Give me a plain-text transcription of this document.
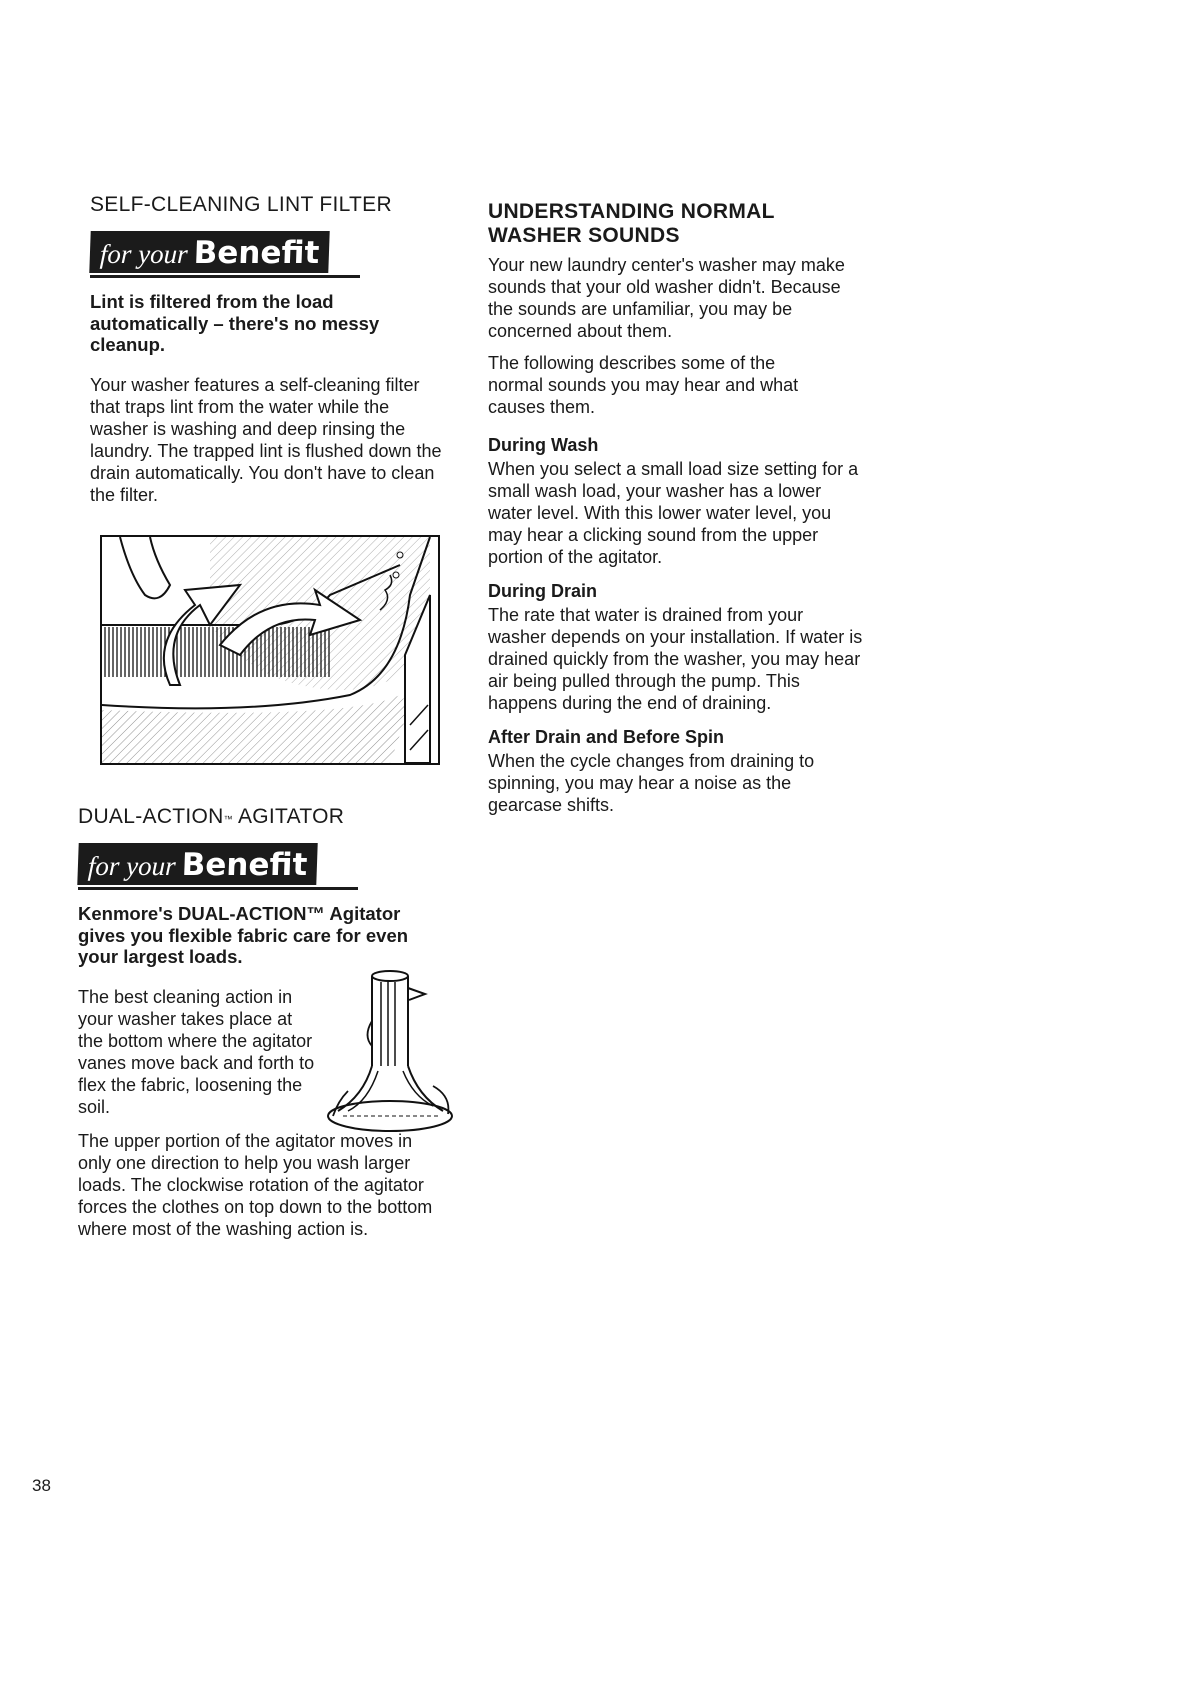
SELF-CLEANING LINT FILTER
for your Benefit

Lint is filtered from the load automatically – there's no messy cleanup.

Your washer features a self-cleaning filter that traps lint from the water while the washer is washing and deep rinsing the laundry. The trapped lint is flushed down the drain automatically. You don't have to clean the filter.

DUAL-ACTION™ AGITATOR
for your Benefit

Kenmore's DUAL-ACTION™ Agitator gives you flexible fabric care for even your largest loads.

The best cleaning action in your washer takes place at the bottom where the agitator vanes move back and forth to flex the fabric, loosening the soil.

The upper portion of the agitator moves in only one direction to help you wash larger loads. The clockwise rotation of the agitator forces the clothes on top down to the bottom where most of the washing action is.

UNDERSTANDING NORMAL WASHER SOUNDS

Your new laundry center's washer may make sounds that your old washer didn't. Because the sounds are unfamiliar, you may be concerned about them.

The following describes some of the normal sounds you may hear and what causes them.

During Wash

When you select a small load size setting for a small wash load, your washer has a lower water level. With this lower water level, you may hear a clicking sound from the upper portion of the agitator.

During Drain

The rate that water is drained from your washer depends on your installation. If water is drained quickly from the washer, you may hear air being pulled through the pump. This happens during the end of draining.

After Drain and Before Spin

When the cycle changes from draining to spinning, you may hear a noise as the gearcase shifts.

38
